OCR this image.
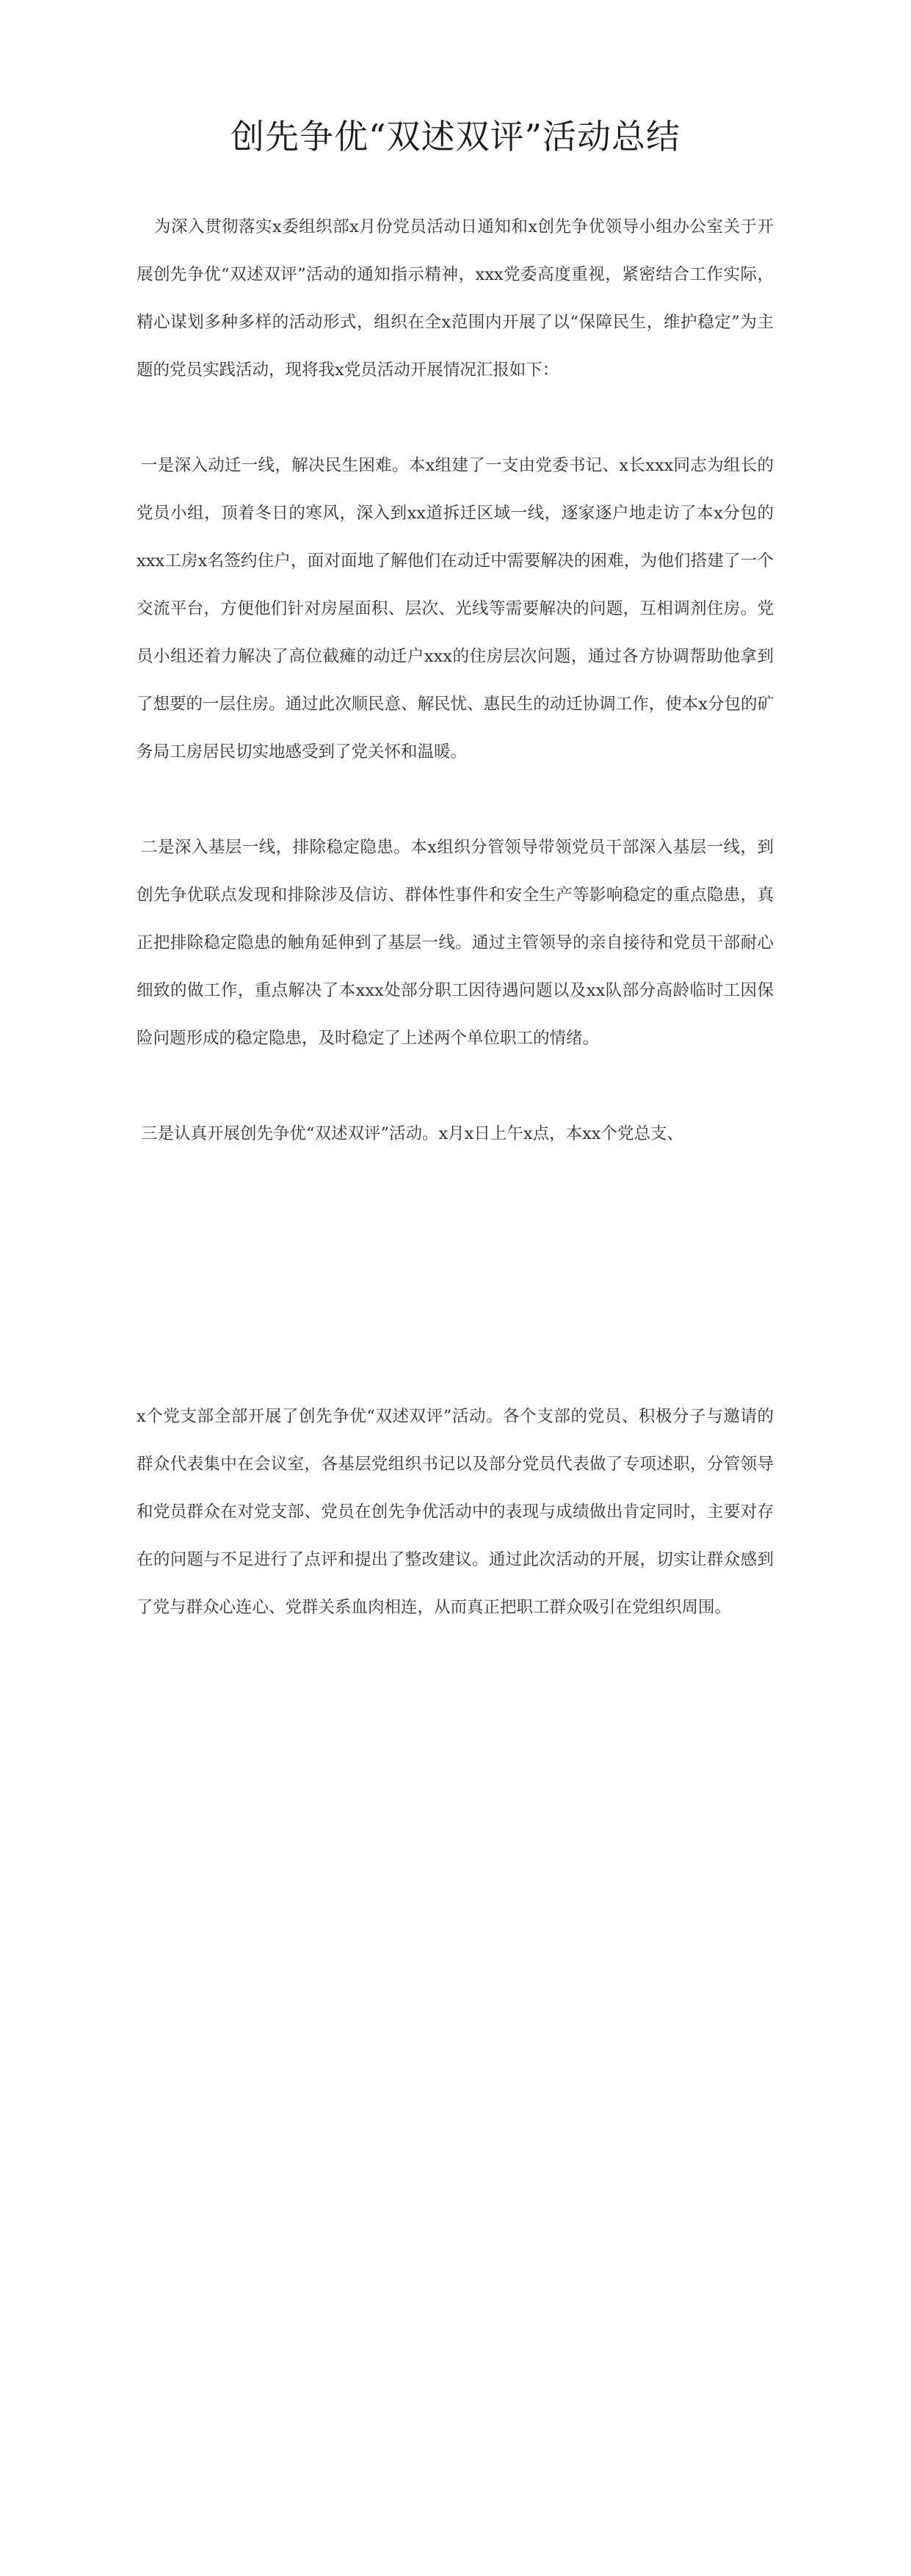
创先争优“双述双评”活动总结

为深入贯彻落实x委组织部x月份党员活动日通知和x创先争优领导小组办公室关于开展创先争优“双述双评”活动的通知指示精神，xxx党委高度重视，紧密结合工作实际，精心谋划多种多样的活动形式，组织在全x范围内开展了以“保障民生，维护稳定”为主题的党员实践活动，现将我x党员活动开展情况汇报如下：

一是深入动迁一线，解决民生困难。本x组建了一支由党委书记、x长xxx同志为组长的党员小组，顶着冬日的寒风，深入到xx道拆迁区域一线，逐家逐户地走访了本x分包的xxx工房x名签约住户，面对面地了解他们在动迁中需要解决的困难，为他们搭建了一个交流平台，方便他们针对房屋面积、层次、光线等需要解决的问题，互相调剂住房。党员小组还着力解决了高位截瘫的动迁户xxx的住房层次问题，通过各方协调帮助他拿到了想要的一层住房。通过此次顺民意、解民忧、惠民生的动迁协调工作，使本x分包的矿务局工房居民切实地感受到了党关怀和温暖。

二是深入基层一线，排除稳定隐患。本x组织分管领导带领党员干部深入基层一线，到创先争优联点发现和排除涉及信访、群体性事件和安全生产等影响稳定的重点隐患，真正把排除稳定隐患的触角延伸到了基层一线。通过主管领导的亲自接待和党员干部耐心细致的做工作，重点解决了本xxx处部分职工因待遇问题以及xx队部分高龄临时工因保险问题形成的稳定隐患，及时稳定了上述两个单位职工的情绪。

三是认真开展创先争优“双述双评”活动。x月x日上午x点，本xx个党总支、

x个党支部全部开展了创先争优“双述双评”活动。各个支部的党员、积极分子与邀请的群众代表集中在会议室，各基层党组织书记以及部分党员代表做了专项述职，分管领导和党员群众在对党支部、党员在创先争优活动中的表现与成绩做出肯定同时，主要对存在的问题与不足进行了点评和提出了整改建议。通过此次活动的开展，切实让群众感到了党与群众心连心、党群关系血肉相连，从而真正把职工群众吸引在党组织周围。
